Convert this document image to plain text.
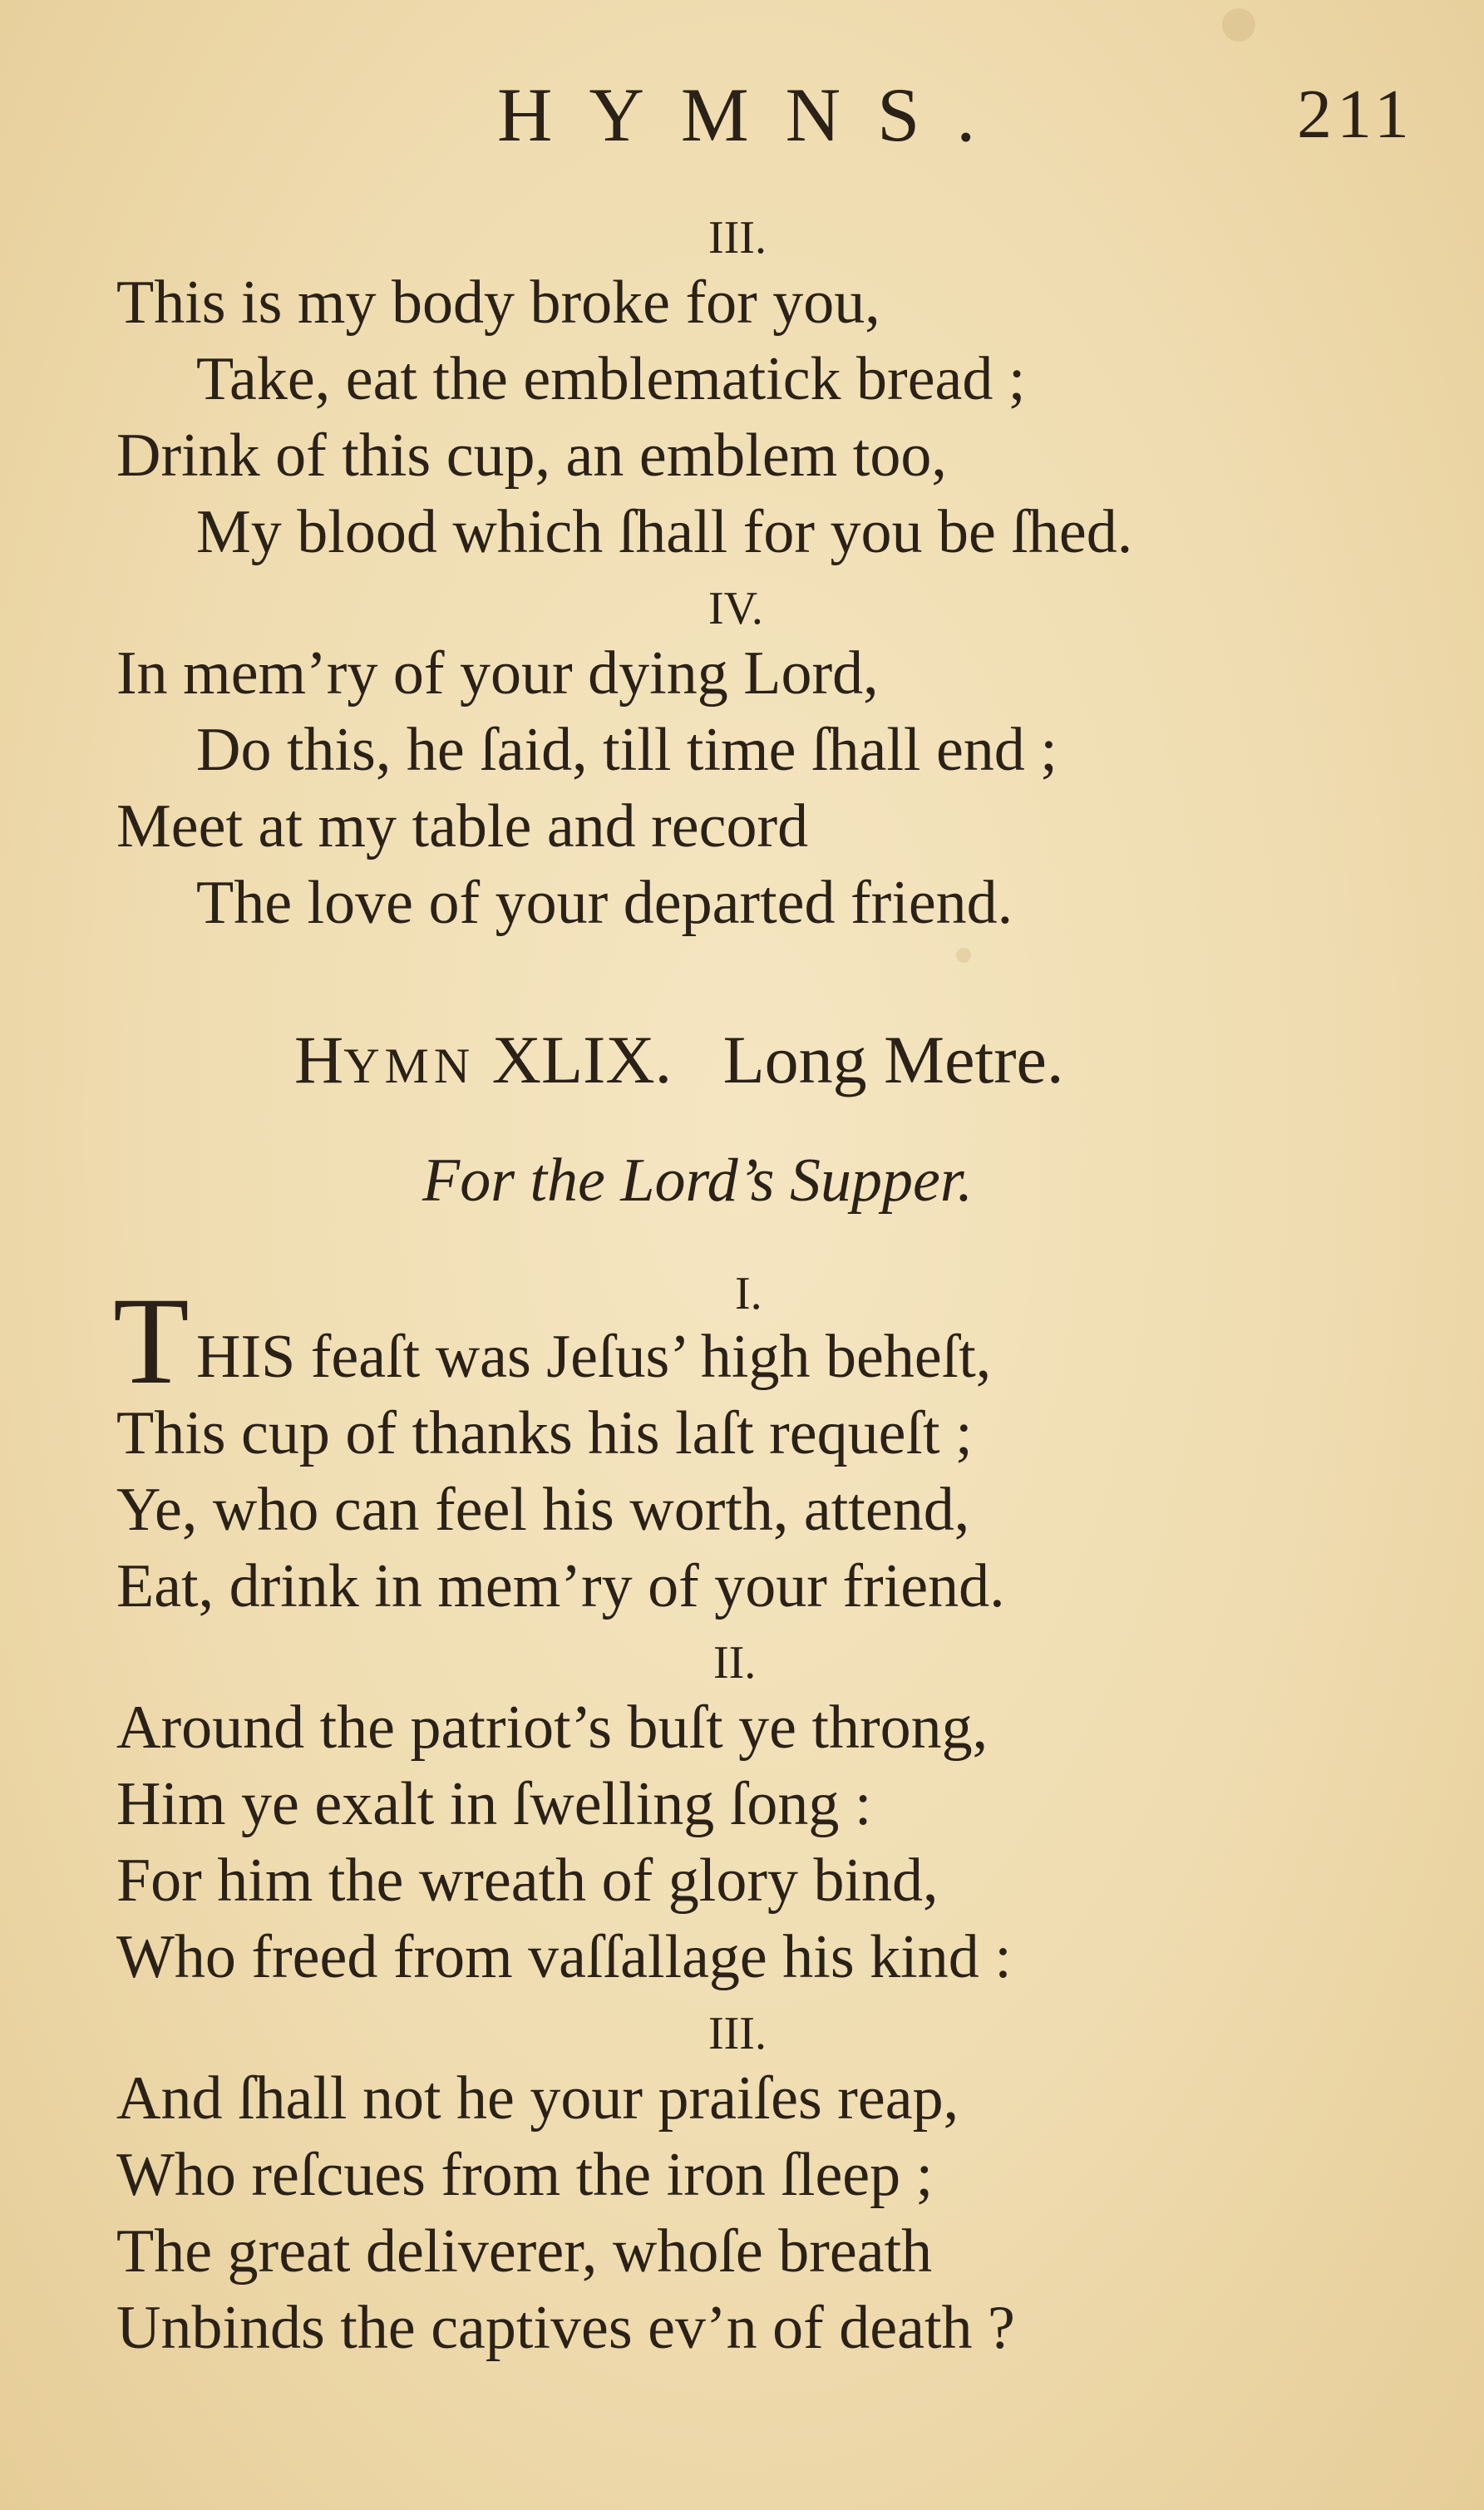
HYMNS.	211
III.
This is my body broke for you,
Take, eat the emblematick bread ;
Drink of this cup, an emblem too,
My blood which ſhall for you be ſhed.
IV.
In mem’ry of your dying Lord,
Do this, he ſaid, till time ſhall end ;
Meet at my table and record
The love of your departed friend.
HYMN XLIX.   Long Metre.
For the Lord’s Supper.
I.
T HIS feaſt was Jeſus’ high beheſt,
This cup of thanks his laſt requeſt ;
Ye, who can feel his worth, attend,
Eat, drink in mem’ry of your friend.
II.
Around the patriot’s buſt ye throng,
Him ye exalt in ſwelling ſong :
For him the wreath of glory bind,
Who freed from vaſſallage his kind :
III.
And ſhall not he your praiſes reap,
Who reſcues from the iron ſleep ;
The great deliverer, whoſe breath
Unbinds the captives ev’n of death ?
